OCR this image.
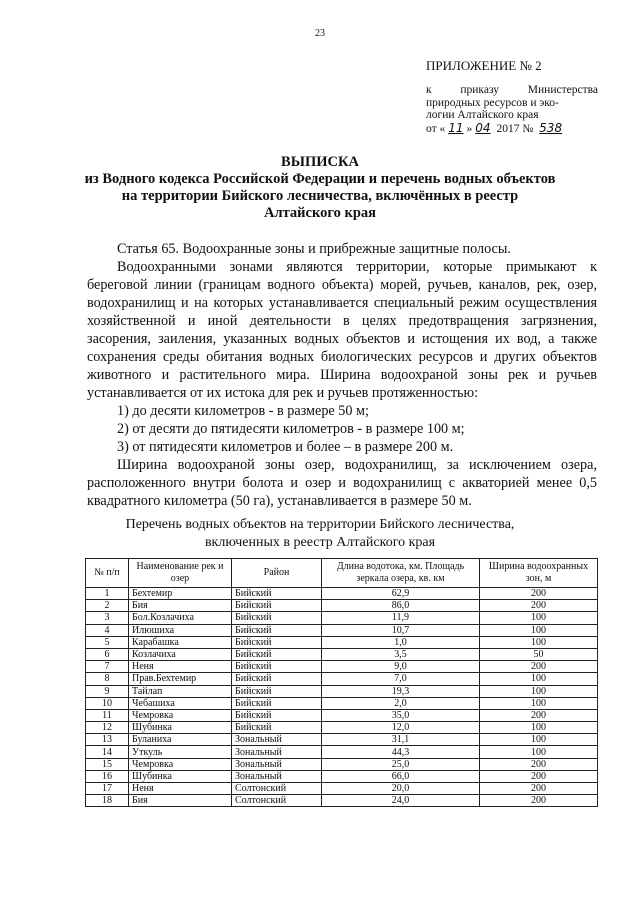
23
ПРИЛОЖЕНИЕ № 2
к	приказу	Министерства
природных ресурсов и эко-
логии Алтайского края
от « 11 » 04 2017 № 538
ВЫПИСКА
из Водного кодекса Российской Федерации и перечень водных объектов
на территории Бийского лесничества, включённых в реестр
Алтайского края
Статья 65. Водоохранные зоны и прибрежные защитные полосы.
Водоохранными зонами являются территории, которые примыкают к береговой линии (границам водного объекта) морей, ручьев, каналов, рек, озер, водохранилищ и на которых устанавливается специальный режим осуществления хозяйственной и иной деятельности в целях предотвращения загрязнения, засорения, заиления, указанных водных объектов и истощения их вод, а также сохранения среды обитания водных биологических ресурсов и других объектов животного и растительного мира. Ширина водоохраной зоны рек и ручьев устанавливается от их истока для рек и ручьев протяженностью:
1) до десяти километров - в размере 50 м;
2) от десяти до пятидесяти километров - в размере 100 м;
3) от пятидесяти километров и более – в размере 200 м.
Ширина водоохраной зоны озер, водохранилищ, за исключением озера, расположенного внутри болота и озер и водохранилищ с акваторией менее 0,5 квадратного километра (50 га), устанавливается в размере 50 м.
Перечень водных объектов на территории Бийского лесничества,
включенных в реестр Алтайского края
№ п/п	Наименование рек и озер	Район	Длина водотока, км. Площадь зеркала озера, кв. км	Ширина водоохранных зон, м
1	Бехтемир	Бийский	62,9	200
2	Бия	Бийский	86,0	200
3	Бол.Козлачиха	Бийский	11,9	100
4	Илюшиха	Бийский	10,7	100
5	Карабашка	Бийский	1,0	100
6	Козлачиха	Бийский	3,5	50
7	Неня	Бийский	9,0	200
8	Прав.Бехтемир	Бийский	7,0	100
9	Тайлап	Бийский	19,3	100
10	Чебашиха	Бийский	2,0	100
11	Чемровка	Бийский	35,0	200
12	Шубинка	Бийский	12,0	100
13	Буланиха	Зональный	31,1	100
14	Уткуль	Зональный	44,3	100
15	Чемровка	Зональный	25,0	200
16	Шубинка	Зональный	66,0	200
17	Неня	Солтонский	20,0	200
18	Бия	Солтонский	24,0	200
